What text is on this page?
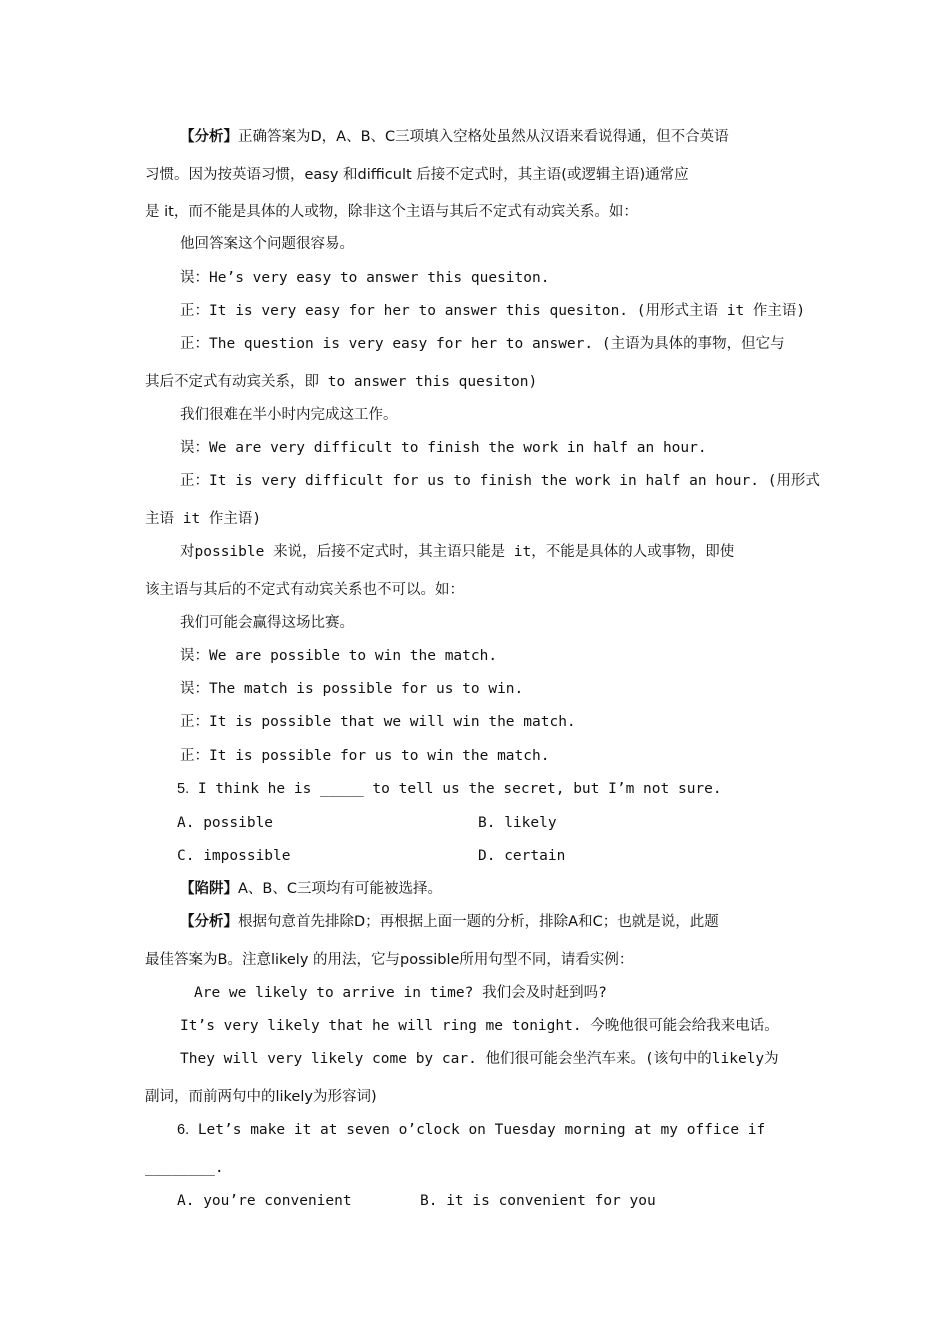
【分析】正确答案为D，A、B、C三项填入空格处虽然从汉语来看说得通，但不合英语
习惯。因为按英语习惯，easy 和difficult 后接不定式时，其主语(或逻辑主语)通常应
是 it，而不能是具体的人或物，除非这个主语与其后不定式有动宾关系。如：
他回答案这个问题很容易。
误：He’s very easy to answer this quesiton.
正：It is very easy for her to answer this quesiton. (用形式主语 it 作主语)
正：The question is very easy for her to answer. (主语为具体的事物，但它与
其后不定式有动宾关系，即 to answer this quesiton)
我们很难在半小时内完成这工作。
误：We are very difficult to finish the work in half an hour.
正：It is very difficult for us to finish the work in half an hour. (用形式
主语 it 作主语)
对possible 来说，后接不定式时，其主语只能是 it，不能是具体的人或事物，即使
该主语与其后的不定式有动宾关系也不可以。如：
我们可能会赢得这场比赛。
误：We are possible to win the match.
误：The match is possible for us to win.
正：It is possible that we will win the match.
正：It is possible for us to win the match.
5. I think he is _____ to tell us the secret, but I’m not sure.
A. possible	B. likely
C. impossible	D. certain
【陷阱】A、B、C三项均有可能被选择。
【分析】根据句意首先排除D；再根据上面一题的分析，排除A和C；也就是说，此题
最佳答案为B。注意likely 的用法，它与possible所用句型不同，请看实例：
Are we likely to arrive in time? 我们会及时赶到吗?
It’s very likely that he will ring me tonight. 今晚他很可能会给我来电话。
They will very likely come by car. 他们很可能会坐汽车来。(该句中的likely为
副词，而前两句中的likely为形容词)
6. Let’s make it at seven o’clock on Tuesday morning at my office if
________.
A. you’re convenient	B. it is convenient for you
